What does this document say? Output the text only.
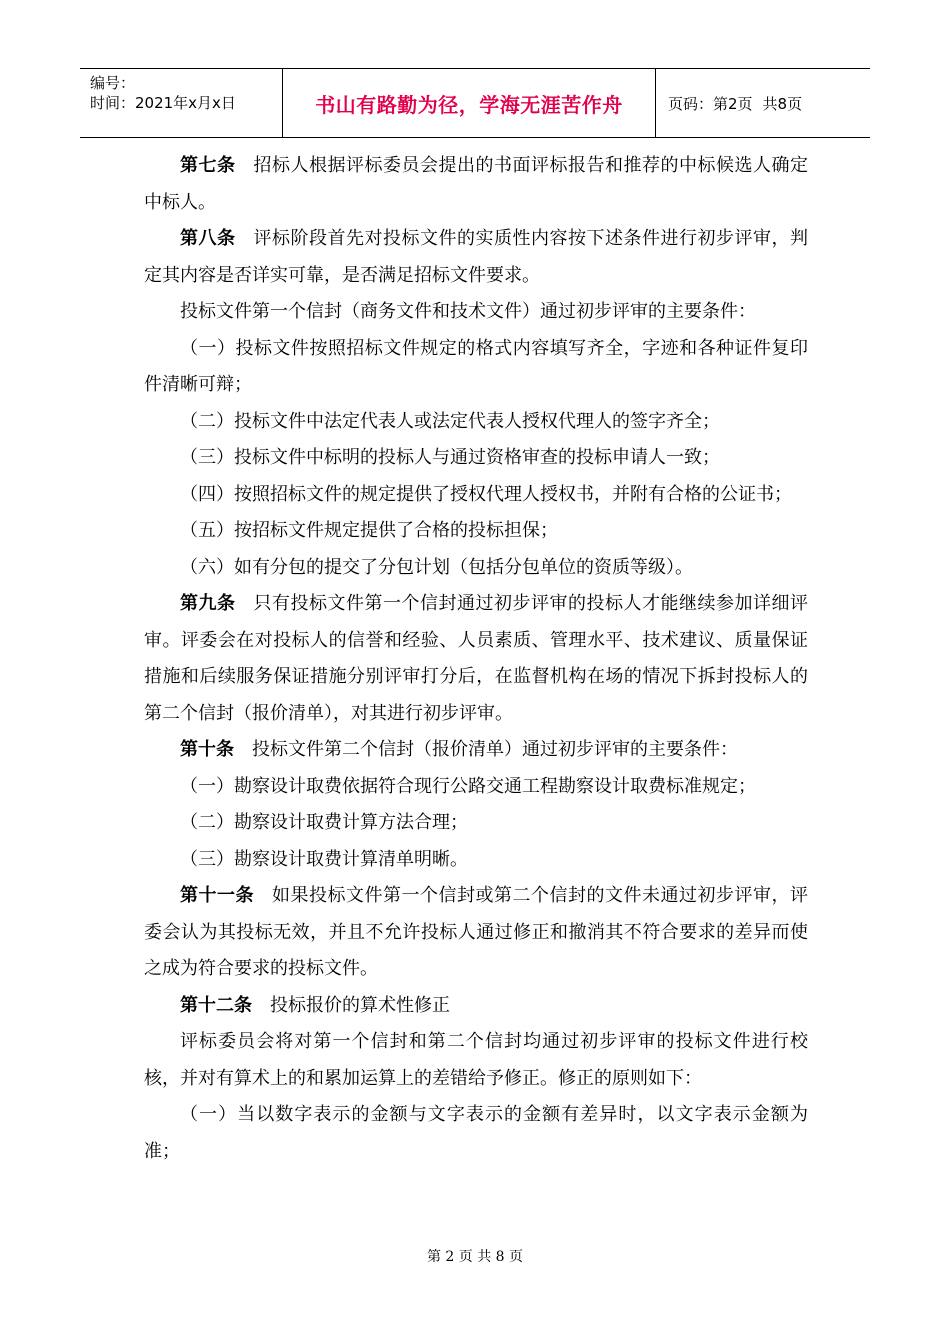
编号：
时间：2021年x月x日	书山有路勤为径，学海无涯苦作舟	页码：第2页 共8页

第七条 招标人根据评标委员会提出的书面评标报告和推荐的中标候选人确定中标人。

第八条 评标阶段首先对投标文件的实质性内容按下述条件进行初步评审，判定其内容是否详实可靠，是否满足招标文件要求。

投标文件第一个信封（商务文件和技术文件）通过初步评审的主要条件：

（一）投标文件按照招标文件规定的格式内容填写齐全，字迹和各种证件复印件清晰可辩；

（二）投标文件中法定代表人或法定代表人授权代理人的签字齐全；

（三）投标文件中标明的投标人与通过资格审查的投标申请人一致；

（四）按照招标文件的规定提供了授权代理人授权书，并附有合格的公证书；

（五）按招标文件规定提供了合格的投标担保；

（六）如有分包的提交了分包计划（包括分包单位的资质等级）。

第九条 只有投标文件第一个信封通过初步评审的投标人才能继续参加详细评审。评委会在对投标人的信誉和经验、人员素质、管理水平、技术建议、质量保证措施和后续服务保证措施分别评审打分后，在监督机构在场的情况下拆封投标人的第二个信封（报价清单），对其进行初步评审。

第十条 投标文件第二个信封（报价清单）通过初步评审的主要条件：

（一）勘察设计取费依据符合现行公路交通工程勘察设计取费标准规定；

（二）勘察设计取费计算方法合理；

（三）勘察设计取费计算清单明晰。

第十一条 如果投标文件第一个信封或第二个信封的文件未通过初步评审，评委会认为其投标无效，并且不允许投标人通过修正和撤消其不符合要求的差异而使之成为符合要求的投标文件。

第十二条 投标报价的算术性修正

评标委员会将对第一个信封和第二个信封均通过初步评审的投标文件进行校核，并对有算术上的和累加运算上的差错给予修正。修正的原则如下：

（一）当以数字表示的金额与文字表示的金额有差异时，以文字表示金额为准；

第 2 页 共 8 页
